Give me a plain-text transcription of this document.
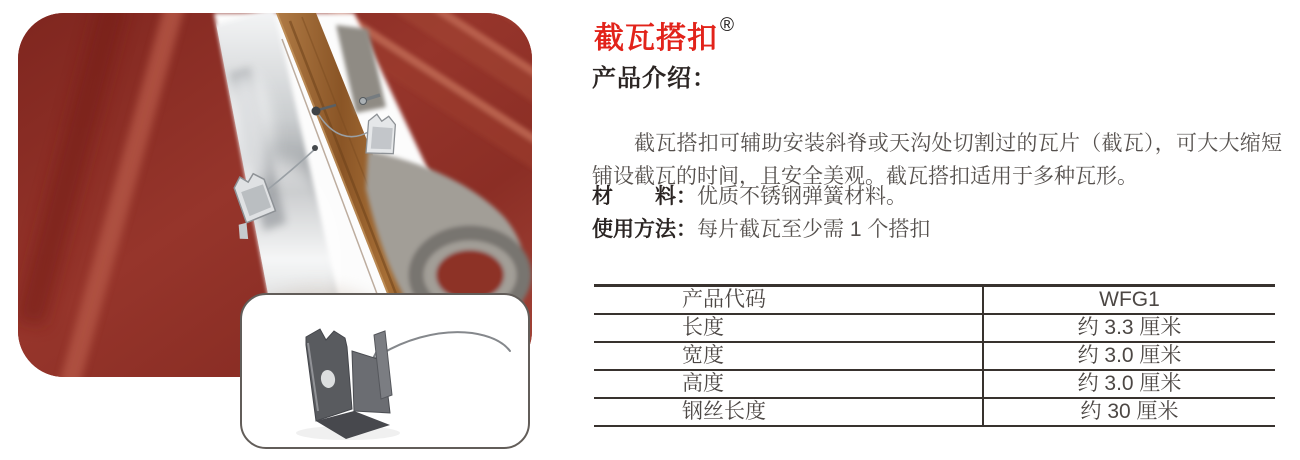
截瓦搭扣 ®
产品介绍：

截瓦搭扣可辅助安装斜脊或天沟处切割过的瓦片（截瓦），可大大缩短铺设截瓦的时间，且安全美观。截瓦搭扣适用于多种瓦形。

材　　料：优质不锈钢弹簧材料。
使用方法：每片截瓦至少需 1 个搭扣
产品代码	WFG1
长度	约 3.3 厘米
宽度	约 3.0 厘米
高度	约 3.0 厘米
钢丝长度	约 30 厘米
